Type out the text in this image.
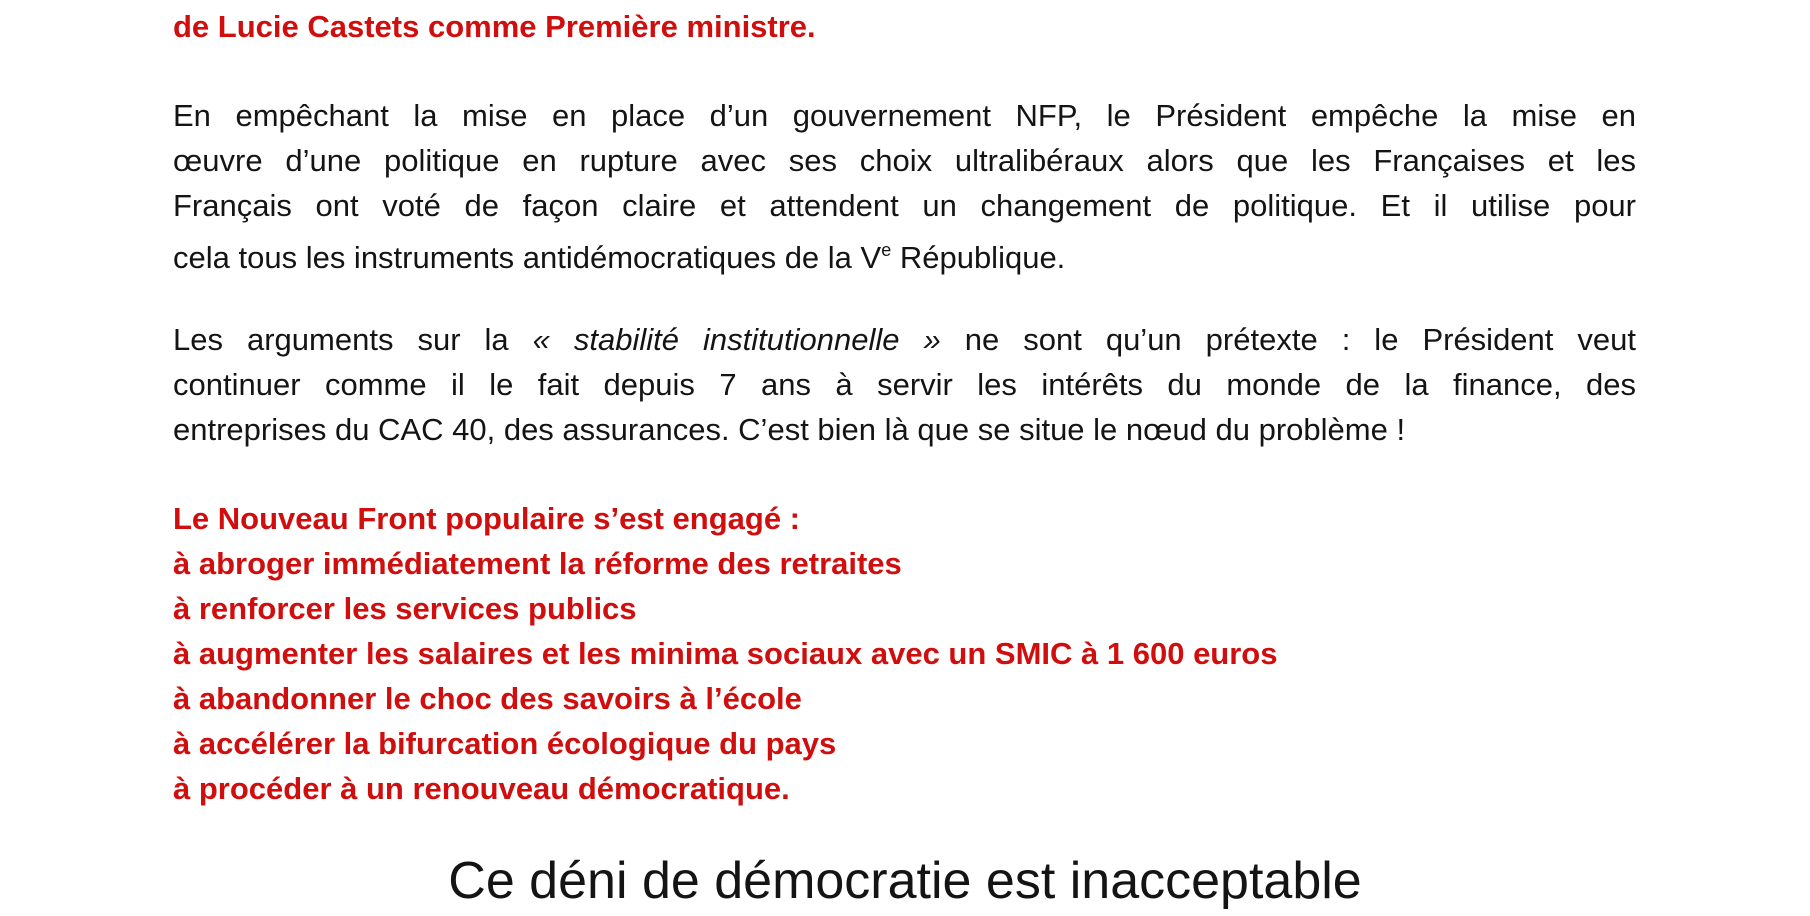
de Lucie Castets comme Première ministre.
En empêchant la mise en place d’un gouvernement NFP, le Président empêche la mise en
œuvre d’une politique en rupture avec ses choix ultralibéraux alors que les Françaises et les
Français ont voté de façon claire et attendent un changement de politique. Et il utilise pour
cela tous les instruments antidémocratiques de la Ve République.
Les arguments sur la « stabilité institutionnelle » ne sont qu’un prétexte : le Président veut
continuer comme il le fait depuis 7 ans à servir les intérêts du monde de la finance, des
entreprises du CAC 40, des assurances. C’est bien là que se situe le nœud du problème !
Le Nouveau Front populaire s’est engagé :
à abroger immédiatement la réforme des retraites
à renforcer les services publics
à augmenter les salaires et les minima sociaux avec un SMIC à 1 600 euros
à abandonner le choc des savoirs à l’école
à accélérer la bifurcation écologique du pays
à procéder à un renouveau démocratique.
Ce déni de démocratie est inacceptable
